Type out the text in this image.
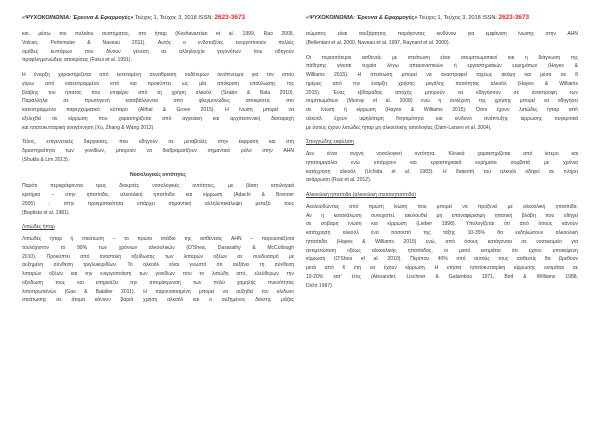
«ΨΥΧΟΚΟΙΝΩΝΙΑ: Έρευνα & Εφαρμογές» Τεύχος 1, Τεύχος 3, 2018 ISSN: 2623-3673
και, μέσω του πυλαίου συστήματος, στο ήπαρ (Keshavarzian et al. 1999, Rao 2009,
Volcan, Perlemuter & Naveau 2011). Αυτός ο ενδοτοξίνες ενεργοποιούν πολλές
ομάδες κυττάρων που δίνουν γένεση σε αλληλουχία γεγονότων που οδηγούν
προφλεγμονώδεις αποκρίσεις (Fukui et al. 1991).
Η έναρξη χαρακτηρίζεται από εκτεταμένη συναθροιση ουδέτερων οινόπνευμα για τον ιστού
γύρω από κατεστραμμένο ιστό και προκύπτει ως μία απόκριση επούλωσης της
βλάβης του ήπατος που επιφέρει από τη χρήση αλκοόλ (Szabo & Bala 2010).
Παράλληλα σε πρωτογενή καταβάλλονται από φλεγμονώδεις αποκρίσεις στο
κατεστραμμένο παρεγχυματικό κύτταρο (Althal & Grove 2015). Η ίνωση μπορεί να
εξελιχθεί σε κίρρωση που χαρακτηρίζεται από αγγειακή και αρχιτεκτονική διαταραχή
και ηπατοκυτταρική αναγέννηση (Xu, Zhang & Wang 2012).
Τέλος, επιγενετικές διεργασίες, που οδηγούν σε μεταβολές στην έκφραση και στη
δραστηριότητα των γονιδίων, μπορούν να διαδραματίζουν σημαντικό ρόλο στην AHN
(Shukla & Lim 2013).
Νοσολογικές οντότητες
Παρότι περιγράφονται τρεις διακριτές νοσολογικές οντότητες, με βάση ιστολογικά
κριτήρια – στην ηπατίτιδα, αλκοολική ηπατίτιδα και κίρρωση (Adachi & Brenner
2005) - στην πραγματικότητα υπάρχει σημαντική αλληλεπικάλυψη μεταξύ τους
(Baptista et al. 1981).
Λιπώδες ήπαρ
Λιπώδες ήπαρ ή στεάτωση – το πρώτο στάδιο της ασθένειας AHN – παρουσιάζεται
τουλάχιστον το 90% των χρόνιων αλκοολικών (O'Shea, Dasarathy & McCullough
2010). Προκύπτει από αναστολή οξείδωσης των λιπαρών οξέων σε συνδυασμό με
αυξημένη σύνθεση τριγλυκεριδίων. Το αλκοόλ είναι γνωστό ότι αυξάνει τη σύνθεση
λιπαρών οξέων και την ενεργοποίηση των γονιδίων που το λιπώδη ιστό, ελεύθερων την
οξείδωση τους και επηρεάζει την απομάκρυνση των πολύ χαμηλής πυκνότητας
λιποπρωτεϊνών (Gao & Bataller 2011). Η παρουσιασμένη μπορεί να αυξηθεί τον κίνδυνο
στεάτωσης σε άτομα κάνουν βαριά χρήση αλκοόλ και ο αυξημένος δείκτης μάζας
«ΨΥΧΟΚΟΙΝΩΝΙΑ: Έρευνα & Εφαρμογές» Τεύχος 1, Τεύχος 3, 2018 ISSN: 2623-3673
σώματος είναι ανεξάρτητος παράγοντας κινδύνου για εμφάνιση ίνωσης στην AHN
(Bellentani et al. 2000, Naveau et al. 1997, Raynard et al. 2000).
Οι περισσότεροι ασθενείς με στεάτωση είναι ασυμπτωματικοί και η διάγνωση της
πάθησης γίνεται τυχαία λόγω απεικονιστικών ή εργαστηριακών ευρημάτων (Hayes &
Williams 2015). Η στεάτωση μπορεί να αναστραφεί ταχέως ακόμη και μέσα σε 8
ημέρες από την έναρξη χρήσης μεγάλης ποσότητας αλκοόλ (Hayes & Williams
2015). Ένας εβδομάδας αποχής μπορούν να οδηγήσουν σε αναστροφή των
συμπτωμάτων (Murray et al. 2008) ενώ η συνέχιση της χρήσης μπορεί να οδηγήσει
σε ίνωση ή κίρρωση (Hayes & Williams 2015). Όσοι έχουν λιπώδες ήπαρ από
αλκοόλ έχουν υψηλότερη θνησιμότητα και κίνδυνο ανάπτυξης κίρρωσης συγκριτικά
με όσους έχουν λιπώδες ήπαρ μη αλκοολικής αιτιολογίας (Dam-Larsen et al. 2004).
Σπογγώδης εκφύλιση
Δεν είναι συχνή νοσολογική οντότητα. Κλινικά χαρακτηρίζεται από ίκτερο και
ηπατομεγαλία ενώ υπάρχουν και εργαστηριακά ευρήματα συμβατά με χρόνια
κατάχρηση αλκοόλ (Uchida et al. 1983). Η διακοπή του αλκοόλ οδηγεί σε πλήρη
ανάρρωση (Ruiz et al. 2012).
Αλκοολική ηπατίτιδα (αλκοολική στεατοηπατίτιδα)
Ακολουθώντας από πρώτη ίνωση που μπορεί να προξενεί με αλκοολική ηπατίτιδα.
Αν η κατανάλωση συνεχιστεί, ακολουθεί μη επαναφέρισιμη ηπατική βλάβη που οδηγεί
σε σοβαρή ίνωση και κίρρωση (Lieber 1998). Υπολογίζεται ότι από όσους κάνουν
κατάχρηση αλκοόλ ένα ποσοστό της τάξης 10-35% θα εκδηλώσουν αλκοολική
ηπατίτιδα (Hayes & Williams 2015) ενώ, από όσους κατάγονται σε νοσοκομείο για
αντιμετώπιση οξέως αλκοολικής ηπατίτιδας, οι μισοί εκτιμάται ότι έχουν υποκείμενη
κίρρωση (O'Shea et al. 2010). Περίπου 40% από αυτούς τους ασθενείς θα βρεθούν
μετά από 6 έτη να έχουν κίρρωση. Η ετήσια ηπατοκυτταρίκη κίρρωσης εκτιμάται σε
10-20% κατ' έτος (Alexander, Lischner & Galambos 1971, Bird & Williams 1988,
Dicht 1997).
